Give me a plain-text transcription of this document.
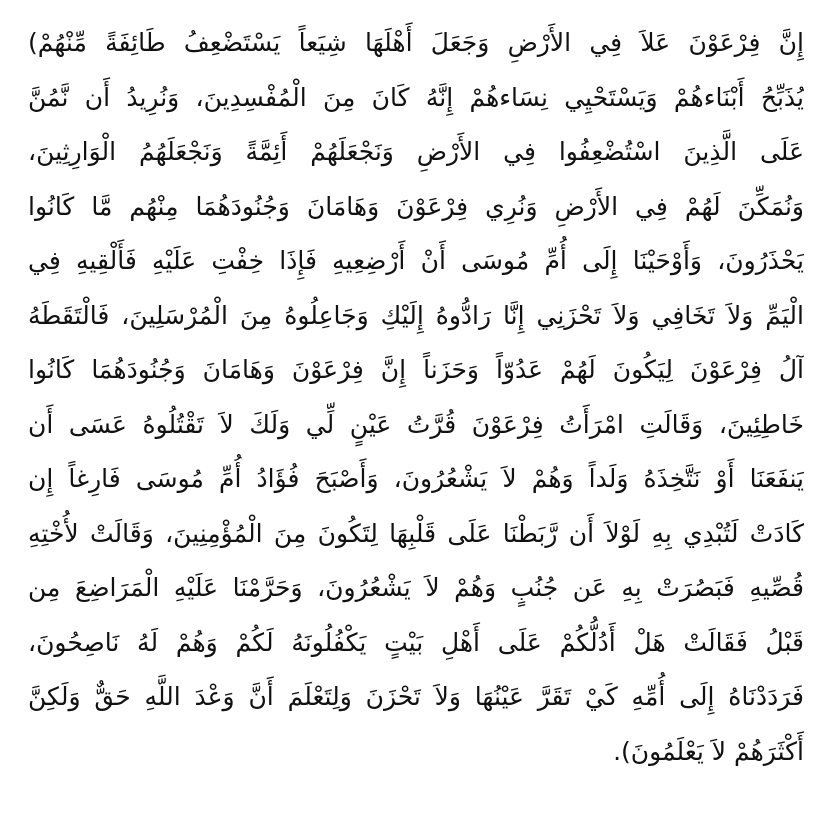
إِنَّ فِرْعَوْنَ عَلاَ فِي الأَرْضِ وَجَعَلَ أَهْلَهَا شِيَعاً يَسْتَضْعِفُ طَائِفَةً مِّنْهُمْ)
يُذَبِّحُ أَبْنَاءهُمْ وَيَسْتَحْيِي نِسَاءهُمْ إِنَّهُ كَانَ مِنَ الْمُفْسِدِينَ، وَنُرِيدُ أَن نَّمُنَّ
عَلَى الَّذِينَ اسْتُضْعِفُوا فِي الأَرْضِ وَنَجْعَلَهُمْ أَئِمَّةً وَنَجْعَلَهُمُ الْوَارِثِينَ،
وَنُمَكِّنَ لَهُمْ فِي الأَرْضِ وَنُرِي فِرْعَوْنَ وَهَامَانَ وَجُنُودَهُمَا مِنْهُم مَّا كَانُوا
يَحْذَرُونَ، وَأَوْحَيْنَا إِلَى أُمِّ مُوسَى أَنْ أَرْضِعِيهِ فَإِذَا خِفْتِ عَلَيْهِ فَأَلْقِيهِ فِي
الْيَمِّ وَلاَ تَخَافِي وَلاَ تَحْزَنِي إِنَّا رَادُّوهُ إِلَيْكِ وَجَاعِلُوهُ مِنَ الْمُرْسَلِينَ، فَالْتَقَطَهُ
آلُ فِرْعَوْنَ لِيَكُونَ لَهُمْ عَدُوّاً وَحَزَناً إِنَّ فِرْعَوْنَ وَهَامَانَ وَجُنُودَهُمَا كَانُوا
خَاطِئِينَ، وَقَالَتِ امْرَأَتُ فِرْعَوْنَ قُرَّتُ عَيْنٍ لِّي وَلَكَ لاَ تَقْتُلُوهُ عَسَى أَن
يَنفَعَنَا أَوْ نَتَّخِذَهُ وَلَداً وَهُمْ لاَ يَشْعُرُونَ، وَأَصْبَحَ فُؤَادُ أُمِّ مُوسَى فَارِغاً إِن
كَادَتْ لَتُبْدِي بِهِ لَوْلاَ أَن رَّبَطْنَا عَلَى قَلْبِهَا لِتَكُونَ مِنَ الْمُؤْمِنِينَ، وَقَالَتْ لأُخْتِهِ
قُصِّيهِ فَبَصُرَتْ بِهِ عَن جُنُبٍ وَهُمْ لاَ يَشْعُرُونَ، وَحَرَّمْنَا عَلَيْهِ الْمَرَاضِعَ مِن
قَبْلُ فَقَالَتْ هَلْ أَدُلُّكُمْ عَلَى أَهْلِ بَيْتٍ يَكْفُلُونَهُ لَكُمْ وَهُمْ لَهُ نَاصِحُونَ،
فَرَدَدْنَاهُ إِلَى أُمِّهِ كَيْ تَقَرَّ عَيْنُهَا وَلاَ تَحْزَنَ وَلِتَعْلَمَ أَنَّ وَعْدَ اللَّهِ حَقٌّ وَلَكِنَّ
أَكْثَرَهُمْ لاَ يَعْلَمُونَ).
